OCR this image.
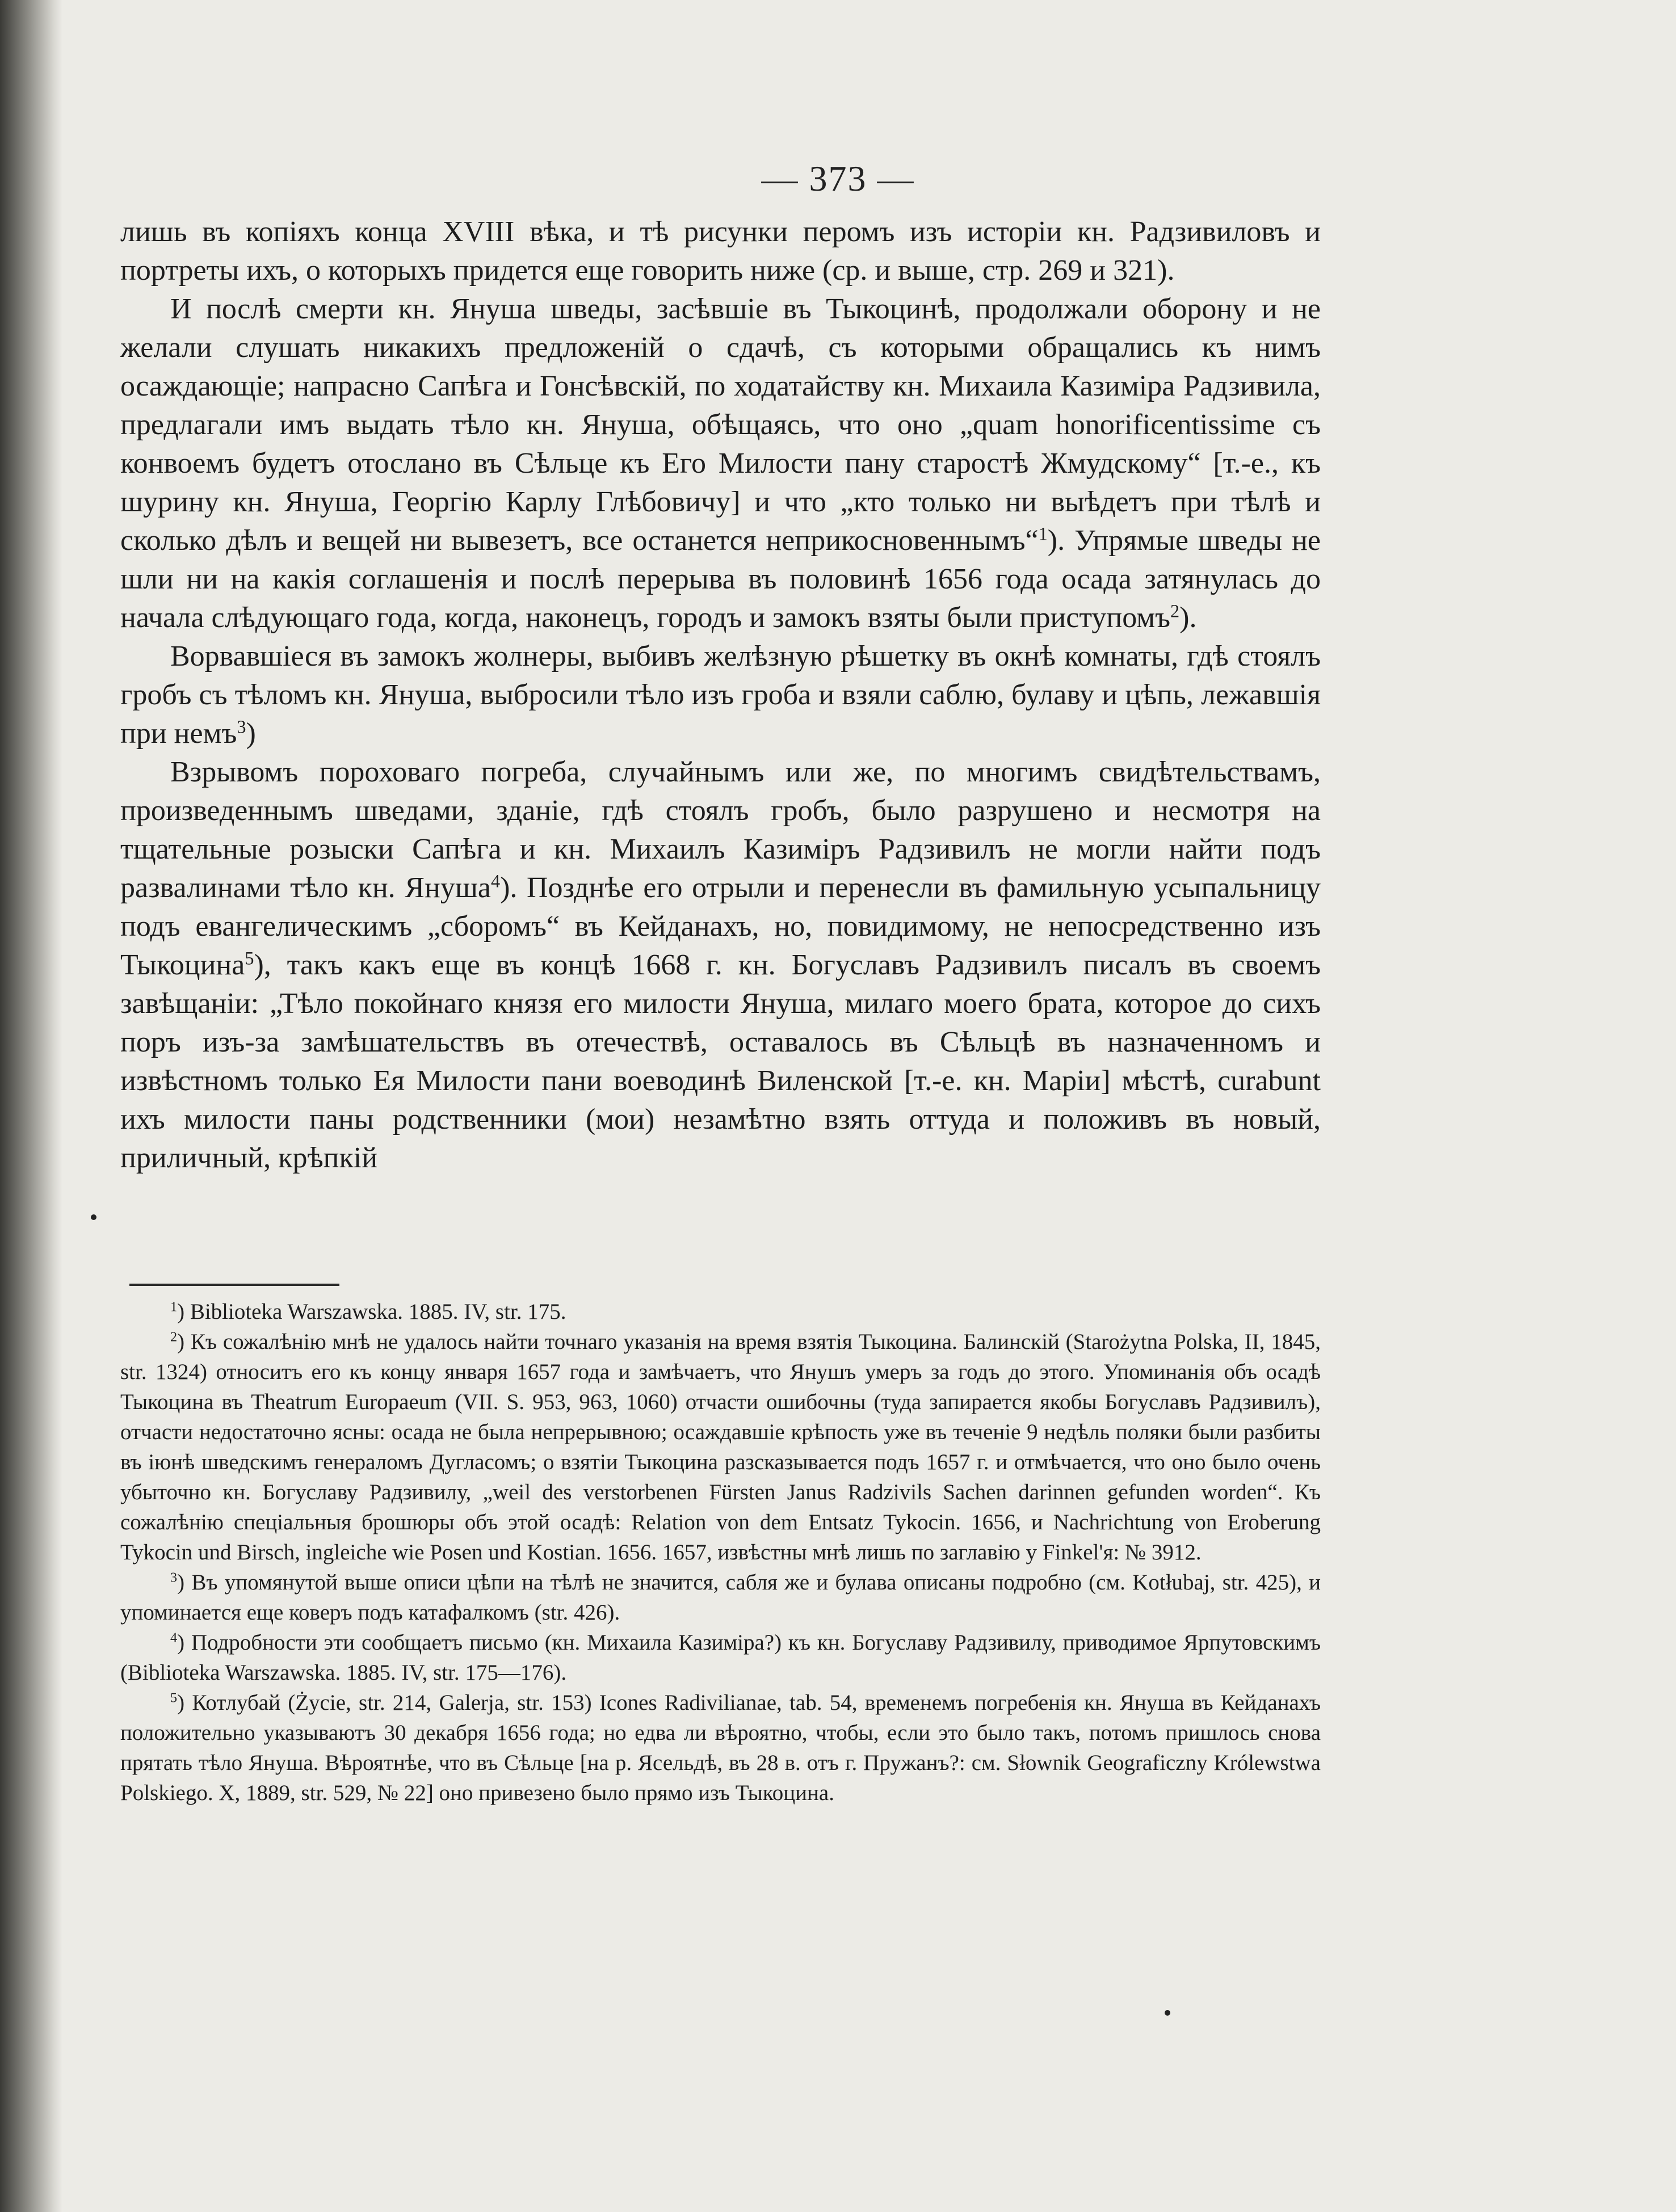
— 373 —

лишь въ копіяхъ конца XVIII вѣка, и тѣ рисунки перомъ изъ исторіи кн. Радзивиловъ и портреты ихъ, о которыхъ придется еще говорить ниже (ср. и выше, стр. 269 и 321).

И послѣ смерти кн. Януша шведы, засѣвшіе въ Тыкоцинѣ, продолжали оборону и не желали слушать никакихъ предложеній о сдачѣ, съ которыми обращались къ нимъ осаждающіе; напрасно Сапѣга и Гонсѣвскій, по ходатайству кн. Михаила Казиміра Радзивила, предлагали имъ выдать тѣло кн. Януша, обѣщаясь, что оно „quam honorificentissime съ конвоемъ будетъ отослано въ Сѣльце къ Его Милости пану старостѣ Жмудскому“ [т.-е., къ шурину кн. Януша, Георгію Карлу Глѣбовичу] и что „кто только ни выѣдетъ при тѣлѣ и сколько дѣлъ и вещей ни вывезетъ, все останется неприкосновеннымъ“$^1$). Упрямые шведы не шли ни на какія соглашенія и послѣ перерыва въ половинѣ 1656 года осада затянулась до начала слѣдующаго года, когда, наконецъ, городъ и замокъ взяты были приступомъ$^2$).

Ворвавшіеся въ замокъ жолнеры, выбивъ желѣзную рѣшетку въ окнѣ комнаты, гдѣ стоялъ гробъ съ тѣломъ кн. Януша, выбросили тѣло изъ гроба и взяли саблю, булаву и цѣпь, лежавшія при немъ$^3$)

Взрывомъ пороховаго погреба, случайнымъ или же, по многимъ свидѣтельствамъ, произведеннымъ шведами, зданіе, гдѣ стоялъ гробъ, было разрушено и несмотря на тщательные розыски Сапѣга и кн. Михаилъ Казиміръ Радзивилъ не могли найти подъ развалинами тѣло кн. Януша$^4$). Позднѣе его отрыли и перенесли въ фамильную усыпальницу подъ евангелическимъ „сборомъ“ въ Кейданахъ, но, повидимому, не непосредственно изъ Тыкоцина$^5$), такъ какъ еще въ концѣ 1668 г. кн. Богуславъ Радзивилъ писалъ въ своемъ завѣщаніи: „Тѣло покойнаго князя его милости Януша, милаго моего брата, которое до сихъ поръ изъ-за замѣшательствъ въ отечествѣ, оставалось въ Сѣльцѣ въ назначенномъ и извѣстномъ только Ея Милости пани воеводинѣ Виленской [т.-е. кн. Маріи] мѣстѣ, curabunt ихъ милости паны родственники (мои) незамѣтно взять оттуда и положивъ въ новый, приличный, крѣпкій

$^1$) Biblioteka Warszawska. 1885. IV, str. 175.

$^2$) Къ сожалѣнію мнѣ не удалось найти точнаго указанія на время взятія Тыкоцина. Балинскій (Starożytna Polska, II, 1845, str. 1324) относитъ его къ концу января 1657 года и замѣчаетъ, что Янушъ умеръ за годъ до этого. Упоминанія объ осадѣ Тыкоцина въ Theatrum Europaeum (VII. S. 953, 963, 1060) отчасти ошибочны (туда запирается якобы Богуславъ Радзивилъ), отчасти недостаточно ясны: осада не была непрерывною; осаждавшіе крѣпость уже въ теченіе 9 недѣль поляки были разбиты въ іюнѣ шведскимъ генераломъ Дугласомъ; о взятіи Тыкоцина разсказывается подъ 1657 г. и отмѣчается, что оно было очень убыточно кн. Богуславу Радзивилу, „weil des verstorbenen Fürsten Janus Radzivils Sachen darinnen gefunden worden“. Къ сожалѣнію спеціальныя брошюры объ этой осадѣ: Relation von dem Entsatz Tykocin. 1656, и Nachrichtung von Eroberung Tykocin und Birsch, ingleiche wie Posen und Kostian. 1656. 1657, извѣстны мнѣ лишь по заглавію у Finkel'я: № 3912.

$^3$) Въ упомянутой выше описи цѣпи на тѣлѣ не значится, сабля же и булава описаны подробно (см. Kotłubaj, str. 425), и упоминается еще коверъ подъ катафалкомъ (str. 426).

$^4$) Подробности эти сообщаетъ письмо (кн. Михаила Казиміра?) къ кн. Богуславу Радзивилу, приводимое Ярпутовскимъ (Biblioteka Warszawska. 1885. IV, str. 175—176).

$^5$) Котлубай (Życie, str. 214, Galerja, str. 153) Icones Radivilianae, tab. 54, временемъ погребенія кн. Януша въ Кейданахъ положительно указываютъ 30 декабря 1656 года; но едва ли вѣроятно, чтобы, если это было такъ, потомъ пришлось снова прятать тѣло Януша. Вѣроятнѣе, что въ Сѣльце [на р. Ясельдѣ, въ 28 в. отъ г. Пружанъ?: см. Słownik Geograficzny Królewstwa Polskiego. X, 1889, str. 529, № 22] оно привезено было прямо изъ Тыкоцина.
